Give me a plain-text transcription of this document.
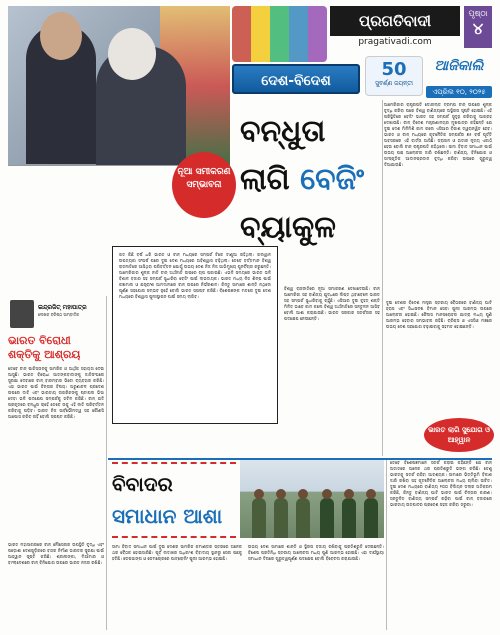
ପ୍ରଗତିବାଦୀ
pragativadi.com
ପୃଷ୍ଠା
୪
ଦେଶ-ବିଦେଶ
50
ସୁବର୍ଣ୍ଣ ଜୟନ୍ତୀ
ଆଜିକାଲି
ଏପ୍ରିଲ ୧୦, ୨୦୨୫
ନୂଆ ସମୀକରଣ ସମ୍ଭାବନା
ବନ୍ଧୁତା
ଲାଗି ବେଜିଂ
ବ୍ୟାକୁଳ

ଆମେରିକାର ରାଷ୍ଟ୍ରପତି ଡୋନାଲ୍ଡ ଟ୍ରମ୍ପ ଚୀନ୍ ଉପରେ ଶୁଳ୍କ ବୃଦ୍ଧି କରିବା ପରେ ବିଶ୍ୱ ବାଣିଜ୍ୟରେ ଅସ୍ଥିରତା ସୃଷ୍ଟି ହୋଇଛି। ଏହି ପରିସ୍ଥିତିରେ ବେଜିଂ ଭାରତ ସହ ସମ୍ପର୍କ ସୁଦୃଢ଼ କରିବାକୁ ଆଗ୍ରହ ଦେଖାଉଛି। ଚୀନ୍ ବିଦେଶ ମନ୍ତ୍ରଣାଳୟର ମୁଖପାତ୍ର କହିଛନ୍ତି ଯେ ଦୁଇ ଦେଶ ମିଳିମିଶି କାମ କଲେ ଏସିଆର ବିକାଶ ତ୍ୱରାନ୍ୱିତ ହେବ। ଭାରତ ଓ ଚୀନ୍ ମଧ୍ୟରେ କୂଟନୈତିକ ସମ୍ପର୍କର ୭୫ ବର୍ଷ ପୂର୍ତ୍ତି ଅବସରରେ ଏହି ବାର୍ତ୍ତା ଆସିଛି। ଡ୍ରାଗନ ଓ ହାତୀର ନୃତ୍ୟ ଏକାଠି ହେଉ ବୋଲି ଚୀନ୍ ରାଷ୍ଟ୍ରପତି କହିଥିଲେ। ସୀମା ବିବାଦ ସମାଧାନ ପାଇଁ ଉଭୟ ପକ୍ଷ ଆଲୋଚନା ଜାରି ରଖିଛନ୍ତି। ବାଣିଜ୍ୟ, ବିନିଯୋଗ ଓ ସାଂସ୍କୃତିକ ଆଦାନପ୍ରଦାନ ବୃଦ୍ଧି କରିବା ଉପରେ ଗୁରୁତ୍ୱ ଦିଆଯାଉଛି।

ଇନ୍ଦ୍ରଜିତ୍ ମହାପାତ୍ର
ଲେଖକ ବରିଷ୍ଠ ସାମ୍ବାଦିକ
ଭାରତ ବିରୋଧୀ ଶକ୍ତିକୁ ଆଶ୍ରୟ
ତେବେ ଚୀନ୍ ପାକିସ୍ତାନକୁ ସାମରିକ ଓ ଆର୍ଥିକ ସହାୟତା ଦେଇ ଆସୁଛି। ଭାରତ ବିରୋଧୀ ଆତଙ୍କବାଦୀଙ୍କୁ ଜାତିସଂଘରେ ସୁରକ୍ଷା ଦେବାରେ ଚୀନ୍ ବାରମ୍ବାର ଭିଟୋ ବ୍ୟବହାର କରିଛି। ଏହା ଭାରତ ପାଇଁ ଚିନ୍ତାର ବିଷୟ। ଅରୁଣାଚଳ ପ୍ରଦେଶ ଉପରେ ଦାବି ଏବଂ ଭାରତୀୟ ନାଗରିକଙ୍କୁ ଷ୍ଟାପଲ ଭିସା ଦେବା ଭଳି ପଦକ୍ଷେପ ସମ୍ପର୍କକୁ ଜଟିଳ କରିଛି। ଚୀନ୍ ଯଦି ପ୍ରକୃତରେ ବନ୍ଧୁତା ଚାହେଁ ତେବେ ତାକୁ ଏହି ନୀତି ପରିବର୍ତ୍ତନ କରିବାକୁ ପଡ଼ିବ। ଭାରତ ନିଜ ସାର୍ବଭୌମତ୍ୱ ସହ କୌଣସି ଆପୋସ କରିବ ନାହିଁ ବୋଲି ସ୍ପଷ୍ଟ କରିଛି।
ଭାରତ ମହାସାଗରରେ ଚୀନ୍ ନୌସେନାର ଉପସ୍ଥିତି ବୃଦ୍ଧି ଏବଂ ପଡ଼ୋଶୀ ଦେଶଗୁଡ଼ିକରେ ବନ୍ଦର ନିର୍ମାଣ ଭାରତର ସୁରକ୍ଷା ପାଇଁ ଆହ୍ୱାନ ସୃଷ୍ଟି କରିଛି। ଶ୍ରୀଲଙ୍କା, ମିଆଁମାର ଓ ବାଂଲାଦେଶରେ ଚୀନ୍ ବିନିଯୋଗ ଉପରେ ଭାରତ ନଜର ରଖିଛି।
ଗତ କିଛି ବର୍ଷ ଧରି ଭାରତ ଓ ଚୀନ୍ ମଧ୍ୟରେ ସମ୍ପର୍କ ଟିକେ ଟାଣୁଆ ରହିଥିଲା। ଗଲୱାନ ଉପତ୍ୟକା ସଂଘର୍ଷ ପରେ ଦୁଇ ଦେଶ ମଧ୍ୟରେ ଅବିଶ୍ୱାସ ବଢ଼ିଥିଲା। ତେବେ ବର୍ତ୍ତମାନ ବିଶ୍ୱ ରାଜନୀତିରେ ଆସିଥିବା ପରିବର୍ତ୍ତନ ଯୋଗୁଁ ଉଭୟ ଦେଶ ନିଜ ନିଜ ଆଭିମୁଖ୍ୟ ପୁନର୍ବିଚାର କରୁଛନ୍ତି। ଆମେରିକାର ଶୁଳ୍କ ନୀତି ଚୀନ୍ ଅର୍ଥନୀତି ଉପରେ ଚାପ ପକାଇଛି। ଏଭଳି ସମୟରେ ଭାରତ ଭଳି ବିଶାଳ ବଜାର ସହ ସମ୍ପର୍କ ସୁଧାରିବା ବେଜିଂ ପାଇଁ ଲାଭଦାୟକ। ଭାରତ ମଧ୍ୟ ନିଜ ଶିଳ୍ପ ପାଇଁ କଞ୍ଚାମାଲ ଓ ଯନ୍ତ୍ରାଂଶ ଆମଦାନୀରେ ଚୀନ୍ ଉପରେ ନିର୍ଭରଶୀଳ। କିନ୍ତୁ ସୀମାରେ ଶାନ୍ତି ନଥିଲେ ପୂର୍ଣ୍ଣ ସହଯୋଗ ସମ୍ଭବ ନୁହେଁ ବୋଲି ଭାରତ ସ୍ପଷ୍ଟ କରିଛି। ବିଶେଷଜ୍ଞଙ୍କ ମତରେ ଦୁଇ ଦେଶ ମଧ୍ୟରେ ବିଶ୍ୱାସ ପୁନଃସ୍ଥାପନ ପାଇଁ ସମୟ ଲାଗିବ।
ବିଶ୍ୱ ରାଜନୀତିରେ ନୂଆ ସମୀକରଣ ଦେଖାଦେଉଛି। ଚୀନ୍ ଆମେରିକା ସହ ବାଣିଜ୍ୟ ଯୁଦ୍ଧରେ ଲିପ୍ତ ଥିବାବେଳେ ଭାରତ ସହ ସମ୍ପର୍କ ସୁଧାରିବାକୁ ଚାହୁଁଛି। ଏସିଆର ଦୁଇ ବୃହତ୍ ଶକ୍ତି ମିଳିତ ଭାବେ କାମ କଲେ ବିଶ୍ୱ ଅର୍ଥନୀତିରେ ସନ୍ତୁଳନ ଆସିବ ବୋଲି ଆଶା କରାଯାଉଛି। ଭାରତ ସରକାର ସତର୍କତାର ସହ ପଦକ୍ଷେପ ନେଉଛନ୍ତି।
ଦୁଇ ଦେଶର ବିଦେଶ ମନ୍ତ୍ରୀ ସ୍ତରୀୟ ବୈଠକରେ ବାଣିଜ୍ୟ ଘାଟି ହ୍ରାସ ଏବଂ ସିଧାସଳଖ ବିମାନ ସେବା ପୁନଃ ଆରମ୍ଭ ଉପରେ ଆଲୋଚନା ହୋଇଛି। କୈଳାସ ମାନସରୋବର ଯାତ୍ରା ମଧ୍ୟ ପୁଣି ଆରମ୍ଭ ହେବାର ସମ୍ଭାବନା ରହିଛି। ବ୍ରିକ୍ସ ଓ ଏସସିଓ ମଞ୍ଚରେ ଉଭୟ ଦେଶ ସହଯୋଗ ବଢ଼ାଇବାକୁ ସହମତ ହୋଇଛନ୍ତି।
ଭାରତ ଲାଗି ସୁଯୋଗ ଓ ଆହ୍ୱାନ
ବିବାଦର
ସମାଧାନ ଆଶା
ତେବେ ବିଶେଷଜ୍ଞମାନେ ସତର୍କ କରାଇ କହିଛନ୍ତି ଯେ ଚୀନ୍ ଅତୀତରେ ଅନେକ ଥର ପ୍ରତିଶ୍ରୁତି ଭଙ୍ଗ କରିଛି। ତେଣୁ ଭାରତକୁ ସତର୍କ ରହିବା ଆବଶ୍ୟକ। ସୀମାରେ ଭିତ୍ତିଭୂମି ବିକାଶ ଜାରି ରଖିବା ସହ କୂଟନୈତିକ ଆଲୋଚନା ମଧ୍ୟ ଚାଲିବା ଉଚିତ। ଦୁଇ ଦେଶ ମଧ୍ୟରେ ବାଣିଜ୍ୟ ୧୦୦ ବିଲିୟନ ଡଲାର ଅତିକ୍ରମ କରିଛି, କିନ୍ତୁ ବାଣିଜ୍ୟ ଘାଟି ଭାରତ ପାଇଁ ଚିନ୍ତାର କାରଣ। ସନ୍ତୁଳିତ ବାଣିଜ୍ୟ ସମ୍ପର୍କ ଗଢ଼ିବା ପାଇଁ ଚୀନ୍ ବଜାରରେ ଭାରତୀୟ ଉତ୍ପାଦର ପ୍ରବେଶ ସହଜ କରିବା ଜରୁରୀ।
ସୀମା ବିବାଦ ସମାଧାନ ପାଇଁ ଦୁଇ ଦେଶର ସାମରିକ କମାଣ୍ଡର ସ୍ତରରେ ଅନେକ ଥର ବୈଠକ ହୋଇସାରିଛି। ପୂର୍ବ ଲଦାଖର ଅଧିକାଂଶ ବିବାଦୀୟ ସ୍ଥାନରୁ ସେନା ପଛକୁ ହଟିଛି। ଡେପସାଙ୍ଗ ଓ ଡେମଚୋକରେ ପାଟ୍ରୋଲିଂ ପୁନଃ ଆରମ୍ଭ ହୋଇଛି।
ଉଭୟ ଦେଶ ସୀମାରେ ଶାନ୍ତି ଓ ସ୍ଥିରତା ବଜାୟ ରଖିବାକୁ ପ୍ରତିଶ୍ରୁତି ଦେଇଛନ୍ତି। ବିଶେଷ ପ୍ରତିନିଧି ସ୍ତରୀୟ ଆଲୋଚନା ମଧ୍ୟ ପୁଣି ଆରମ୍ଭ ହୋଇଛି। ଏହା ଦୀର୍ଘସ୍ଥାୟୀ ସମାଧାନ ଦିଗରେ ଗୁରୁତ୍ୱପୂର୍ଣ୍ଣ ପଦକ୍ଷେପ ବୋଲି ବିବେଚନା କରାଯାଉଛି।
